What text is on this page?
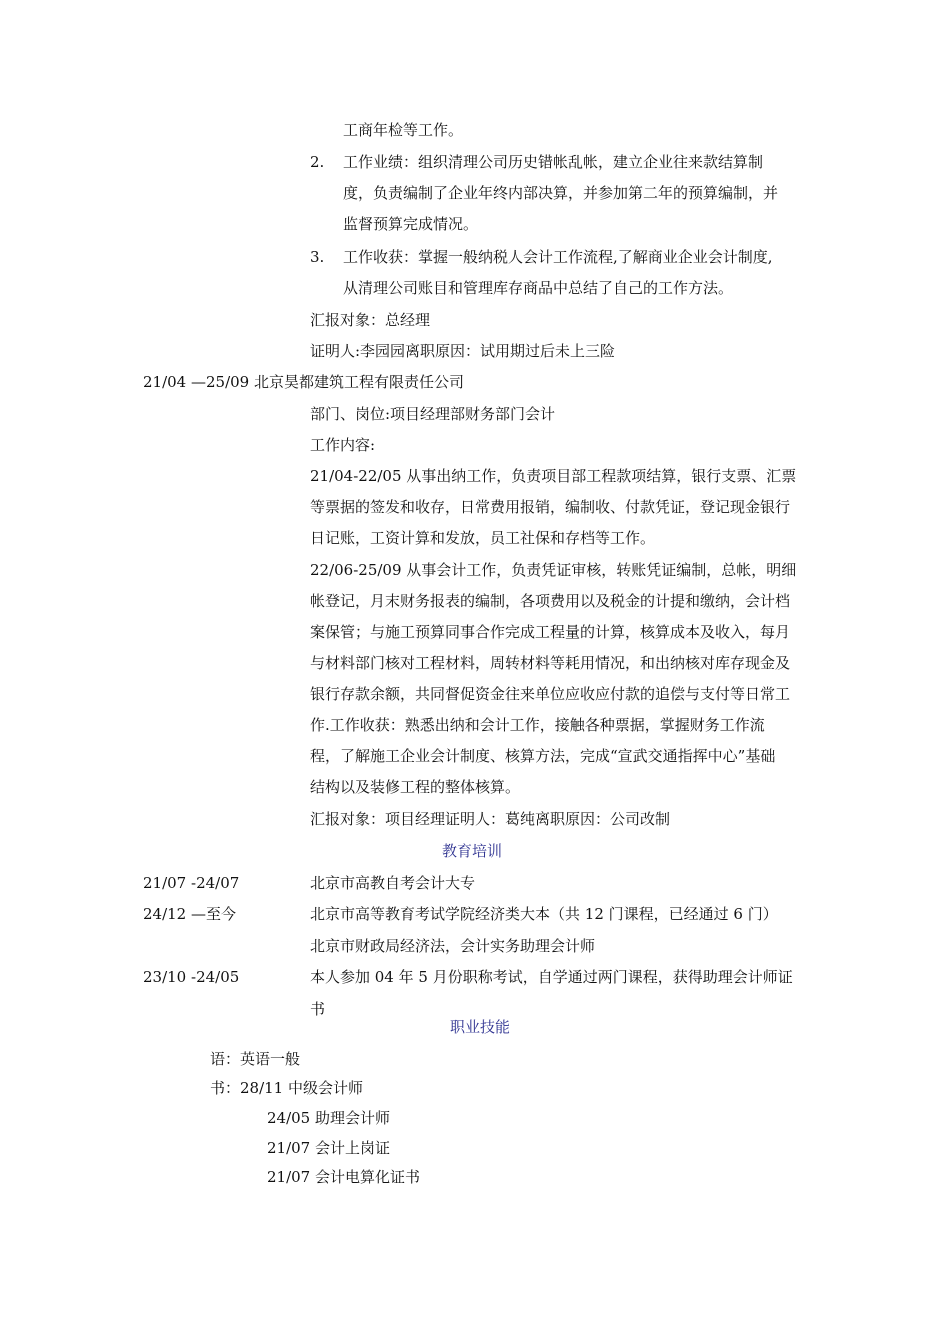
工商年检等工作。
2. 工作业绩：组织清理公司历史错帐乱帐，建立企业往来款结算制
度，负责编制了企业年终内部决算，并参加第二年的预算编制，并
监督预算完成情况。
3. 工作收获：掌握一般纳税人会计工作流程,了解商业企业会计制度,
从清理公司账目和管理库存商品中总结了自己的工作方法。
汇报对象：总经理
证明人:李园园离职原因：试用期过后未上三险
21/04 —25/09 北京昊都建筑工程有限责任公司
部门、岗位:项目经理部财务部门会计
工作内容:
21/04-22/05 从事出纳工作，负责项目部工程款项结算，银行支票、汇票
等票据的签发和收存，日常费用报销，编制收、付款凭证，登记现金银行
日记账，工资计算和发放，员工社保和存档等工作。
22/06-25/09 从事会计工作，负责凭证审核，转账凭证编制，总帐，明细
帐登记，月末财务报表的编制，各项费用以及税金的计提和缴纳，会计档
案保管；与施工预算同事合作完成工程量的计算，核算成本及收入，每月
与材料部门核对工程材料，周转材料等耗用情况，和出纳核对库存现金及
银行存款余额，共同督促资金往来单位应收应付款的追偿与支付等日常工
作.工作收获：熟悉出纳和会计工作，接触各种票据，掌握财务工作流
程，了解施工企业会计制度、核算方法，完成“宣武交通指挥中心”基础
结构以及装修工程的整体核算。
汇报对象：项目经理证明人：葛纯离职原因：公司改制
教育培训
21/07 -24/07	北京市高教自考会计大专
24/12 —至今	北京市高等教育考试学院经济类大本（共 12 门课程，已经通过 6 门）
北京市财政局经济法，会计实务助理会计师
23/10 -24/05	本人参加 04 年 5 月份职称考试，自学通过两门课程，获得助理会计师证
书
职业技能
语：英语一般
书：28/11 中级会计师
24/05 助理会计师
21/07 会计上岗证
21/07 会计电算化证书
